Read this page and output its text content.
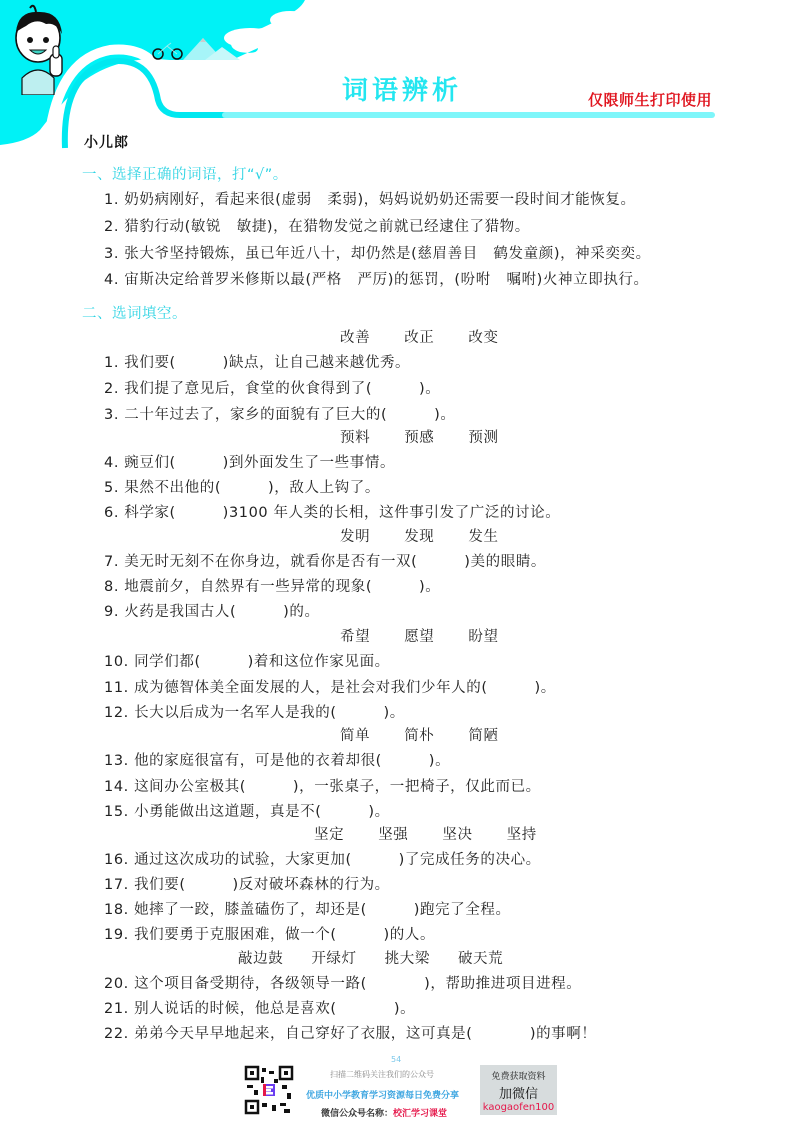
小儿郎
词语辨析	仅限师生打印使用
一、选择正确的词语，打“√”。
1. 奶奶病刚好，看起来很(虚弱   柔弱)，妈妈说奶奶还需要一段时间才能恢复。
2. 猎豹行动(敏锐   敏捷)，在猎物发觉之前就已经逮住了猎物。
3. 张大爷坚持锻炼，虽已年近八十，却仍然是(慈眉善目   鹤发童颜)，神采奕奕。
4. 宙斯决定给普罗米修斯以最(严格   严厉)的惩罚，(吩咐   嘱咐)火神立即执行。
二、选词填空。
改善 改正 改变
1. 我们要(         )缺点，让自己越来越优秀。
2. 我们提了意见后，食堂的伙食得到了(         )。
3. 二十年过去了，家乡的面貌有了巨大的(         )。
预料 预感 预测
4. 豌豆们(         )到外面发生了一些事情。
5. 果然不出他的(         )，敌人上钩了。
6. 科学家(         )3100 年人类的长相，这件事引发了广泛的讨论。
发明 发现 发生
7. 美无时无刻不在你身边，就看你是否有一双(         )美的眼睛。
8. 地震前夕，自然界有一些异常的现象(         )。
9. 火药是我国古人(         )的。
希望 愿望 盼望
10. 同学们都(         )着和这位作家见面。
11. 成为德智体美全面发展的人，是社会对我们少年人的(         )。
12. 长大以后成为一名军人是我的(         )。
简单 简朴 简陋
13. 他的家庭很富有，可是他的衣着却很(         )。
14. 这间办公室极其(         )，一张桌子，一把椅子，仅此而已。
15. 小勇能做出这道题，真是不(         )。
坚定 坚强 坚决 坚持
16. 通过这次成功的试验，大家更加(         )了完成任务的决心。
17. 我们要(         )反对破坏森林的行为。
18. 她摔了一跤，膝盖磕伤了，却还是(         )跑完了全程。
19. 我们要勇于克服困难，做一个(         )的人。
敲边鼓 开绿灯 挑大梁 破天荒
20. 这个项目备受期待，各级领导一路(           )，帮助推进项目进程。
21. 别人说话的时候，他总是喜欢(           )。
22. 弟弟今天早早地起来，自己穿好了衣服，这可真是(           )的事啊！
54
扫描二维码关注我们的公众号
优质中小学教育学习资源每日免费分享
微信公众号名称：校汇学习课堂
免费获取资料
加微信
kaogaofen100
